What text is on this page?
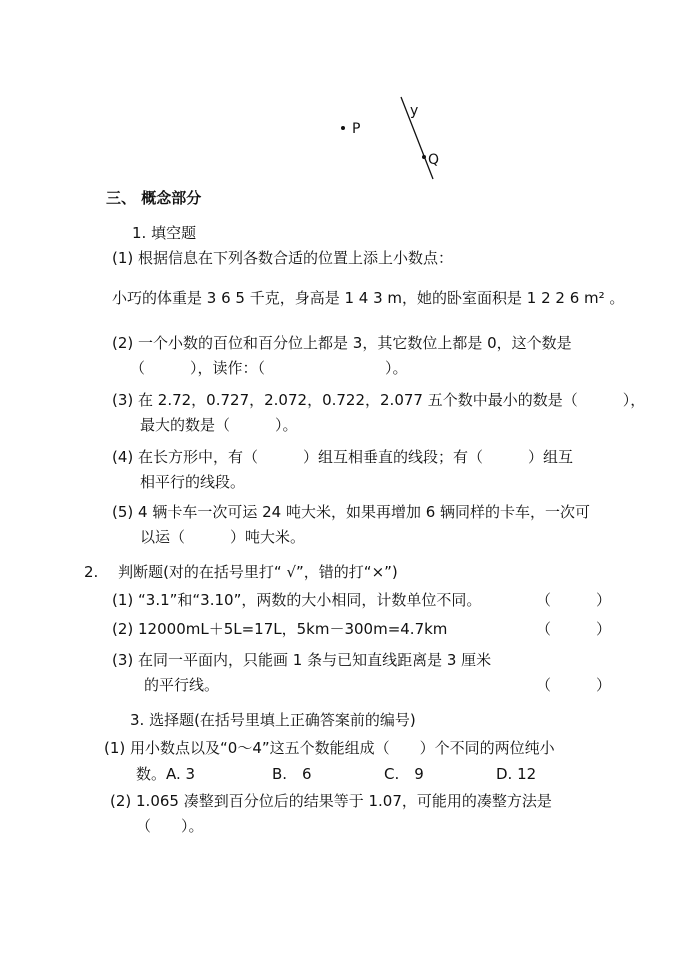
P
y
Q
三、 概念部分
1. 填空题
(1) 根据信息在下列各数合适的位置上添上小数点：
小巧的体重是 3 6 5 千克，身高是 1 4 3 m，她的卧室面积是 1 2 2 6 m² 。
(2) 一个小数的百位和百分位上都是 3，其它数位上都是 0，这个数是
（　　　），读作：（　　　　　　　　）。
(3) 在 2.72，0.727，2.072，0.722，2.077 五个数中最小的数是（　　　），
最大的数是（　　　）。
(4) 在长方形中，有（　　　）组互相垂直的线段；有（　　　）组互
相平行的线段。
(5) 4 辆卡车一次可运 24 吨大米，如果再增加 6 辆同样的卡车，一次可
以运（　　　）吨大米。
2.　 判断题(对的在括号里打“ √”，错的打“×”)
(1) “3.1”和“3.10”，两数的大小相同，计数单位不同。	（　　　）
(2) 12000mL＋5L=17L，5km－300m=4.7km	（　　　）
(3) 在同一平面内，只能画 1 条与已知直线距离是 3 厘米
的平行线。	（　　　）
3. 选择题(在括号里填上正确答案前的编号)
(1) 用小数点以及“0～4”这五个数能组成（　　）个不同的两位纯小
数。A. 3	B.　6	C.　9	D. 12
(2) 1.065 凑整到百分位后的结果等于 1.07，可能用的凑整方法是
（　　）。
